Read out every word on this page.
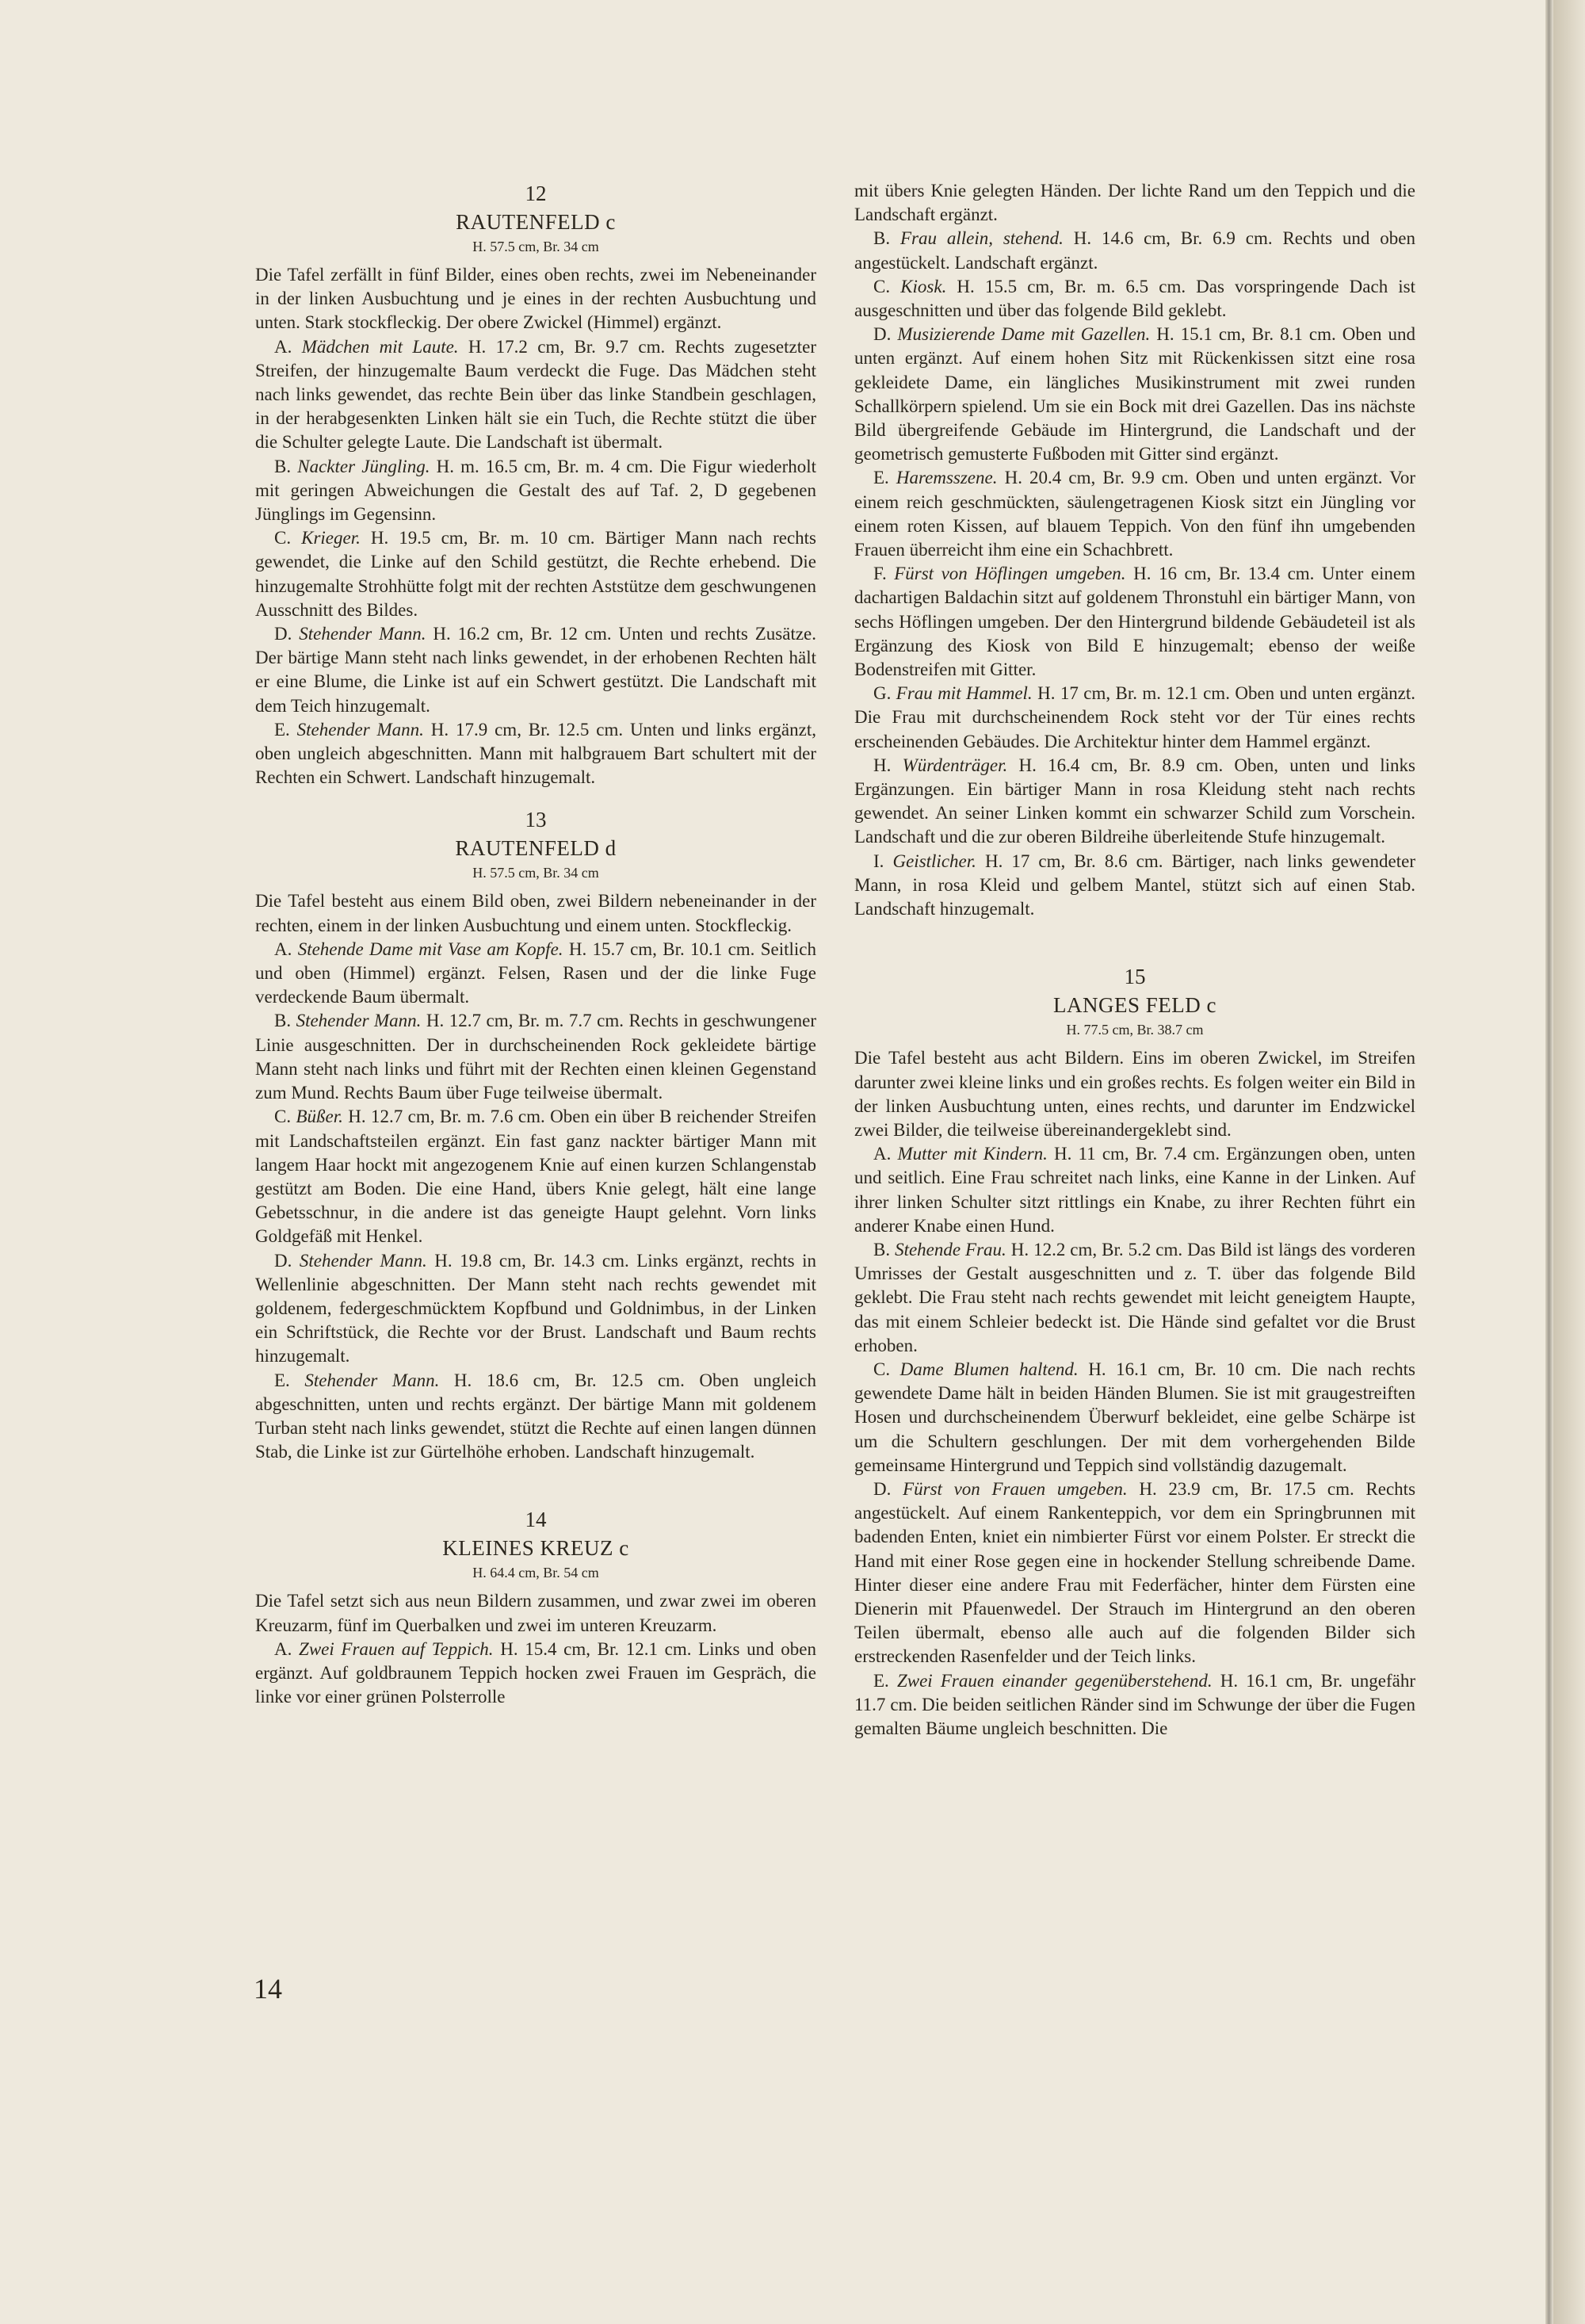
12
RAUTENFELD c
H. 57.5 cm, Br. 34 cm

Die Tafel zerfällt in fünf Bilder, eines oben rechts, zwei im Nebeneinander in der linken Ausbuchtung und je eines in der rechten Ausbuchtung und unten. Stark stockfleckig. Der obere Zwickel (Himmel) ergänzt.

A. Mädchen mit Laute. H. 17.2 cm, Br. 9.7 cm. Rechts zugesetzter Streifen, der hinzugemalte Baum verdeckt die Fuge. Das Mädchen steht nach links gewendet, das rechte Bein über das linke Standbein geschlagen, in der herabgesenkten Linken hält sie ein Tuch, die Rechte stützt die über die Schulter gelegte Laute. Die Landschaft ist übermalt.

B. Nackter Jüngling. H. m. 16.5 cm, Br. m. 4 cm. Die Figur wiederholt mit geringen Abweichungen die Gestalt des auf Taf. 2, D gegebenen Jünglings im Gegensinn.

C. Krieger. H. 19.5 cm, Br. m. 10 cm. Bärtiger Mann nach rechts gewendet, die Linke auf den Schild gestützt, die Rechte erhebend. Die hinzugemalte Strohhütte folgt mit der rechten Aststütze dem geschwungenen Ausschnitt des Bildes.

D. Stehender Mann. H. 16.2 cm, Br. 12 cm. Unten und rechts Zusätze. Der bärtige Mann steht nach links gewendet, in der erhobenen Rechten hält er eine Blume, die Linke ist auf ein Schwert gestützt. Die Landschaft mit dem Teich hinzugemalt.

E. Stehender Mann. H. 17.9 cm, Br. 12.5 cm. Unten und links ergänzt, oben ungleich abgeschnitten. Mann mit halbgrauem Bart schultert mit der Rechten ein Schwert. Landschaft hinzugemalt.

13
RAUTENFELD d
H. 57.5 cm, Br. 34 cm

Die Tafel besteht aus einem Bild oben, zwei Bildern nebeneinander in der rechten, einem in der linken Ausbuchtung und einem unten. Stockfleckig.

A. Stehende Dame mit Vase am Kopfe. H. 15.7 cm, Br. 10.1 cm. Seitlich und oben (Himmel) ergänzt. Felsen, Rasen und der die linke Fuge verdeckende Baum übermalt.

B. Stehender Mann. H. 12.7 cm, Br. m. 7.7 cm. Rechts in geschwungener Linie ausgeschnitten. Der in durchscheinenden Rock gekleidete bärtige Mann steht nach links und führt mit der Rechten einen kleinen Gegenstand zum Mund. Rechts Baum über Fuge teilweise übermalt.

C. Büßer. H. 12.7 cm, Br. m. 7.6 cm. Oben ein über B reichender Streifen mit Landschaftsteilen ergänzt. Ein fast ganz nackter bärtiger Mann mit langem Haar hockt mit angezogenem Knie auf einen kurzen Schlangenstab gestützt am Boden. Die eine Hand, übers Knie gelegt, hält eine lange Gebetsschnur, in die andere ist das geneigte Haupt gelehnt. Vorn links Goldgefäß mit Henkel.

D. Stehender Mann. H. 19.8 cm, Br. 14.3 cm. Links ergänzt, rechts in Wellenlinie abgeschnitten. Der Mann steht nach rechts gewendet mit goldenem, federgeschmücktem Kopfbund und Goldnimbus, in der Linken ein Schriftstück, die Rechte vor der Brust. Landschaft und Baum rechts hinzugemalt.

E. Stehender Mann. H. 18.6 cm, Br. 12.5 cm. Oben ungleich abgeschnitten, unten und rechts ergänzt. Der bärtige Mann mit goldenem Turban steht nach links gewendet, stützt die Rechte auf einen langen dünnen Stab, die Linke ist zur Gürtelhöhe erhoben. Landschaft hinzugemalt.

14
KLEINES KREUZ c
H. 64.4 cm, Br. 54 cm

Die Tafel setzt sich aus neun Bildern zusammen, und zwar zwei im oberen Kreuzarm, fünf im Querbalken und zwei im unteren Kreuzarm.

A. Zwei Frauen auf Teppich. H. 15.4 cm, Br. 12.1 cm. Links und oben ergänzt. Auf goldbraunem Teppich hocken zwei Frauen im Gespräch, die linke vor einer grünen Polsterrolle

mit übers Knie gelegten Händen. Der lichte Rand um den Teppich und die Landschaft ergänzt.

B. Frau allein, stehend. H. 14.6 cm, Br. 6.9 cm. Rechts und oben angestückelt. Landschaft ergänzt.

C. Kiosk. H. 15.5 cm, Br. m. 6.5 cm. Das vorspringende Dach ist ausgeschnitten und über das folgende Bild geklebt.

D. Musizierende Dame mit Gazellen. H. 15.1 cm, Br. 8.1 cm. Oben und unten ergänzt. Auf einem hohen Sitz mit Rückenkissen sitzt eine rosa gekleidete Dame, ein längliches Musikinstrument mit zwei runden Schallkörpern spielend. Um sie ein Bock mit drei Gazellen. Das ins nächste Bild übergreifende Gebäude im Hintergrund, die Landschaft und der geometrisch gemusterte Fußboden mit Gitter sind ergänzt.

E. Haremsszene. H. 20.4 cm, Br. 9.9 cm. Oben und unten ergänzt. Vor einem reich geschmückten, säulengetragenen Kiosk sitzt ein Jüngling vor einem roten Kissen, auf blauem Teppich. Von den fünf ihn umgebenden Frauen überreicht ihm eine ein Schachbrett.

F. Fürst von Höflingen umgeben. H. 16 cm, Br. 13.4 cm. Unter einem dachartigen Baldachin sitzt auf goldenem Thronstuhl ein bärtiger Mann, von sechs Höflingen umgeben. Der den Hintergrund bildende Gebäudeteil ist als Ergänzung des Kiosk von Bild E hinzugemalt; ebenso der weiße Bodenstreifen mit Gitter.

G. Frau mit Hammel. H. 17 cm, Br. m. 12.1 cm. Oben und unten ergänzt. Die Frau mit durchscheinendem Rock steht vor der Tür eines rechts erscheinenden Gebäudes. Die Architektur hinter dem Hammel ergänzt.

H. Würdenträger. H. 16.4 cm, Br. 8.9 cm. Oben, unten und links Ergänzungen. Ein bärtiger Mann in rosa Kleidung steht nach rechts gewendet. An seiner Linken kommt ein schwarzer Schild zum Vorschein. Landschaft und die zur oberen Bildreihe überleitende Stufe hinzugemalt.

I. Geistlicher. H. 17 cm, Br. 8.6 cm. Bärtiger, nach links gewendeter Mann, in rosa Kleid und gelbem Mantel, stützt sich auf einen Stab. Landschaft hinzugemalt.

15
LANGES FELD c
H. 77.5 cm, Br. 38.7 cm

Die Tafel besteht aus acht Bildern. Eins im oberen Zwickel, im Streifen darunter zwei kleine links und ein großes rechts. Es folgen weiter ein Bild in der linken Ausbuchtung unten, eines rechts, und darunter im Endzwickel zwei Bilder, die teilweise übereinandergeklebt sind.

A. Mutter mit Kindern. H. 11 cm, Br. 7.4 cm. Ergänzungen oben, unten und seitlich. Eine Frau schreitet nach links, eine Kanne in der Linken. Auf ihrer linken Schulter sitzt rittlings ein Knabe, zu ihrer Rechten führt ein anderer Knabe einen Hund.

B. Stehende Frau. H. 12.2 cm, Br. 5.2 cm. Das Bild ist längs des vorderen Umrisses der Gestalt ausgeschnitten und z. T. über das folgende Bild geklebt. Die Frau steht nach rechts gewendet mit leicht geneigtem Haupte, das mit einem Schleier bedeckt ist. Die Hände sind gefaltet vor die Brust erhoben.

C. Dame Blumen haltend. H. 16.1 cm, Br. 10 cm. Die nach rechts gewendete Dame hält in beiden Händen Blumen. Sie ist mit graugestreiften Hosen und durchscheinendem Überwurf bekleidet, eine gelbe Schärpe ist um die Schultern geschlungen. Der mit dem vorhergehenden Bilde gemeinsame Hintergrund und Teppich sind vollständig dazugemalt.

D. Fürst von Frauen umgeben. H. 23.9 cm, Br. 17.5 cm. Rechts angestückelt. Auf einem Rankenteppich, vor dem ein Springbrunnen mit badenden Enten, kniet ein nimbierter Fürst vor einem Polster. Er streckt die Hand mit einer Rose gegen eine in hockender Stellung schreibende Dame. Hinter dieser eine andere Frau mit Federfächer, hinter dem Fürsten eine Dienerin mit Pfauenwedel. Der Strauch im Hintergrund an den oberen Teilen übermalt, ebenso alle auch auf die folgenden Bilder sich erstreckenden Rasenfelder und der Teich links.

E. Zwei Frauen einander gegenüberstehend. H. 16.1 cm, Br. ungefähr 11.7 cm. Die beiden seitlichen Ränder sind im Schwunge der über die Fugen gemalten Bäume ungleich beschnitten. Die

14
